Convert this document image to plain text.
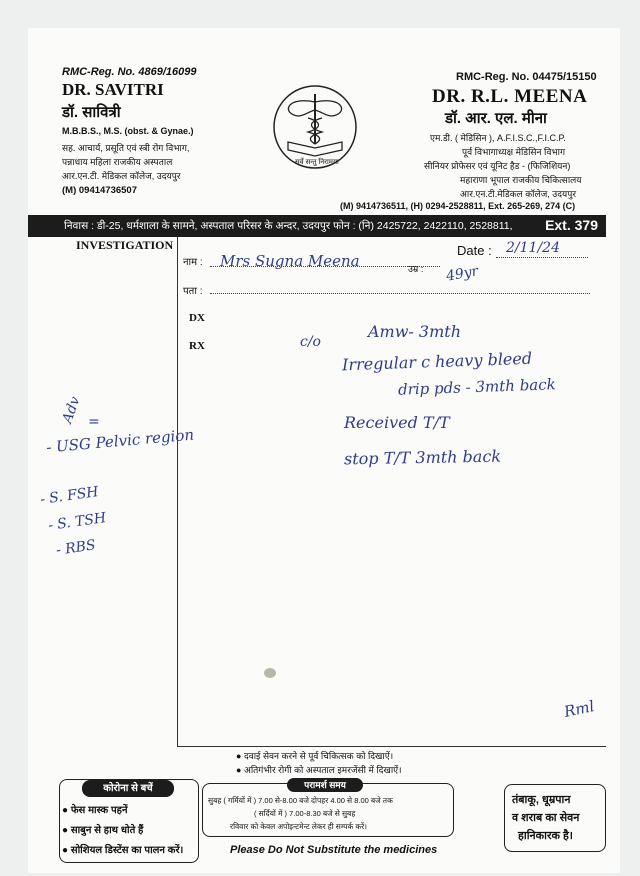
RMC-Reg. No. 4869/16099
DR. SAVITRI
डॉ. सावित्री
M.B.B.S., M.S. (obst. & Gynae.)
सह. आचार्य, प्रसूति एवं स्त्री रोग विभाग,
पन्नाधाय महिला राजकीय अस्पताल
आर.एन.टी. मेडिकल कॉलेज, उदयपुर
(M) 09414736507
सर्वे सन्तु निरामया
RMC-Reg. No. 04475/15150
DR. R.L. MEENA
डॉ. आर. एल. मीना
एम.डी. ( मेडिसिन ), A.F.I.S.C.,F.I.C.P.
पूर्व विभागाध्यक्ष मेडिसिन विभाग
सीनियर प्रोफेसर एवं यूनिट हैड - (फिजिशियन)
महाराणा भूपाल राजकीय चिकित्सालय
आर.एन.टी.मेडिकल कॉलेज, उदयपुर
(M) 9414736511, (H) 0294-2528811, Ext. 265-269, 274 (C)
निवास : डी-25, धर्मशाला के सामने, अस्पताल परिसर के अन्दर, उदयपुर फोन : (नि) 2425722, 2422110, 2528811, Ext. 379
INVESTIGATION
नाम :
उम्र :
Date :
पता :
DX
RX
Mrs Sugna Meena
49yr
2/11/24
c/o
Amw- 3mth
Irregular c heavy bleed
drip pds - 3mth back
Received T/T
stop T/T 3mth back
Adv =
- USG Pelvic region
- S. FSH
- S. TSH
- RBS
Rml
● दवाई सेवन करने से पूर्व चिकित्सक को दिखाऐं।
● अतिगंभीर रोगी को अस्पताल इमरजेंसी में दिखाऐं।
कोरोना से बचें
● फेस मास्क पहनें
● साबुन से हाथ धोते हैं
● सोशियल डिस्टेंस का पालन करें।
परामर्श समय
सुबह ( गर्मियों में ) 7.00 से-8.00 बजे दोपहर 4.00 से 8.00 बजे तक
( सर्दियों में ) 7.00-8.30 बजे से सुबह
रविवार को केवल अपोइन्टमेन्ट लेकर ही सम्पर्क करें।
Please Do Not Substitute the medicines
तंबाकू, धूम्रपान
व शराब का सेवन
हानिकारक है।
